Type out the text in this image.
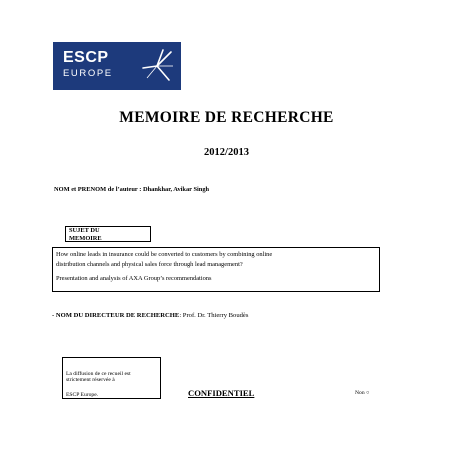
ESCP
EUROPE
MEMOIRE DE RECHERCHE
2012/2013
NOM et PRENOM de l’auteur : Dhankhar, Avikar Singh
SUJET DU
MEMOIRE

How online leads in insurance could be converted to customers by combining online

distribution channels and physical sales force through lead management?

Presentation and analysis of AXA Group’s recommendations

- NOM DU DIRECTEUR DE RECHERCHE: Prof. Dr. Thierry Boudès
La diffusion de ce recueil est
strictement réservée à
ESCP Europe.	CONFIDENTIEL	Non ○
